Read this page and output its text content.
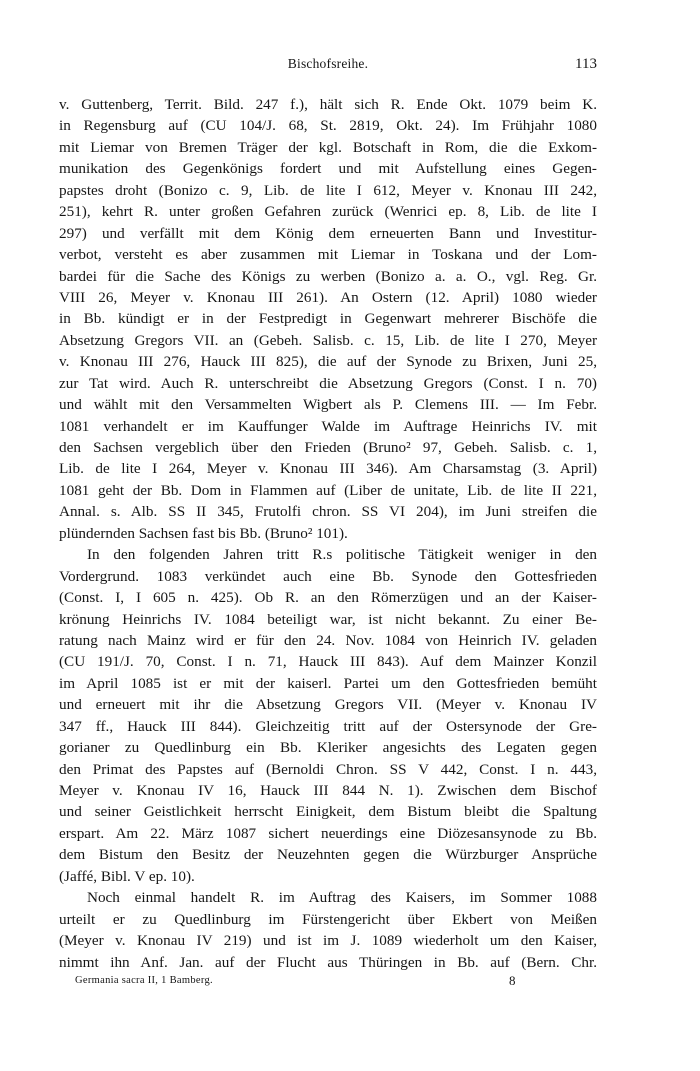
Bischofsreihe.	113
v. Guttenberg, Territ. Bild. 247 f.), hält sich R. Ende Okt. 1079 beim K.
in Regensburg auf (CU 104/J. 68, St. 2819, Okt. 24). Im Frühjahr 1080
mit Liemar von Bremen Träger der kgl. Botschaft in Rom, die die Exkom-
munikation des Gegenkönigs fordert und mit Aufstellung eines Gegen-
papstes droht (Bonizo c. 9, Lib. de lite I 612, Meyer v. Knonau III 242,
251), kehrt R. unter großen Gefahren zurück (Wenrici ep. 8, Lib. de lite I
297) und verfällt mit dem König dem erneuerten Bann und Investitur-
verbot, versteht es aber zusammen mit Liemar in Toskana und der Lom-
bardei für die Sache des Königs zu werben (Bonizo a. a. O., vgl. Reg. Gr.
VIII 26, Meyer v. Knonau III 261). An Ostern (12. April) 1080 wieder
in Bb. kündigt er in der Festpredigt in Gegenwart mehrerer Bischöfe die
Absetzung Gregors VII. an (Gebeh. Salisb. c. 15, Lib. de lite I 270, Meyer
v. Knonau III 276, Hauck III 825), die auf der Synode zu Brixen, Juni 25,
zur Tat wird. Auch R. unterschreibt die Absetzung Gregors (Const. I n. 70)
und wählt mit den Versammelten Wigbert als P. Clemens III. — Im Febr.
1081 verhandelt er im Kauffunger Walde im Auftrage Heinrichs IV. mit
den Sachsen vergeblich über den Frieden (Bruno² 97, Gebeh. Salisb. c. 1,
Lib. de lite I 264, Meyer v. Knonau III 346). Am Charsamstag (3. April)
1081 geht der Bb. Dom in Flammen auf (Liber de unitate, Lib. de lite II 221,
Annal. s. Alb. SS II 345, Frutolfi chron. SS VI 204), im Juni streifen die
plündernden Sachsen fast bis Bb. (Bruno² 101).
In den folgenden Jahren tritt R.s politische Tätigkeit weniger in den
Vordergrund. 1083 verkündet auch eine Bb. Synode den Gottesfrieden
(Const. I, I 605 n. 425). Ob R. an den Römerzügen und an der Kaiser-
krönung Heinrichs IV. 1084 beteiligt war, ist nicht bekannt. Zu einer Be-
ratung nach Mainz wird er für den 24. Nov. 1084 von Heinrich IV. geladen
(CU 191/J. 70, Const. I n. 71, Hauck III 843). Auf dem Mainzer Konzil
im April 1085 ist er mit der kaiserl. Partei um den Gottesfrieden bemüht
und erneuert mit ihr die Absetzung Gregors VII. (Meyer v. Knonau IV
347 ff., Hauck III 844). Gleichzeitig tritt auf der Ostersynode der Gre-
gorianer zu Quedlinburg ein Bb. Kleriker angesichts des Legaten gegen
den Primat des Papstes auf (Bernoldi Chron. SS V 442, Const. I n. 443,
Meyer v. Knonau IV 16, Hauck III 844 N. 1). Zwischen dem Bischof
und seiner Geistlichkeit herrscht Einigkeit, dem Bistum bleibt die Spaltung
erspart. Am 22. März 1087 sichert neuerdings eine Diözesansynode zu Bb.
dem Bistum den Besitz der Neuzehnten gegen die Würzburger Ansprüche
(Jaffé, Bibl. V ep. 10).
Noch einmal handelt R. im Auftrag des Kaisers, im Sommer 1088
urteilt er zu Quedlinburg im Fürstengericht über Ekbert von Meißen
(Meyer v. Knonau IV 219) und ist im J. 1089 wiederholt um den Kaiser,
nimmt ihn Anf. Jan. auf der Flucht aus Thüringen in Bb. auf (Bern. Chr.
Germania sacra II, 1 Bamberg.	8
